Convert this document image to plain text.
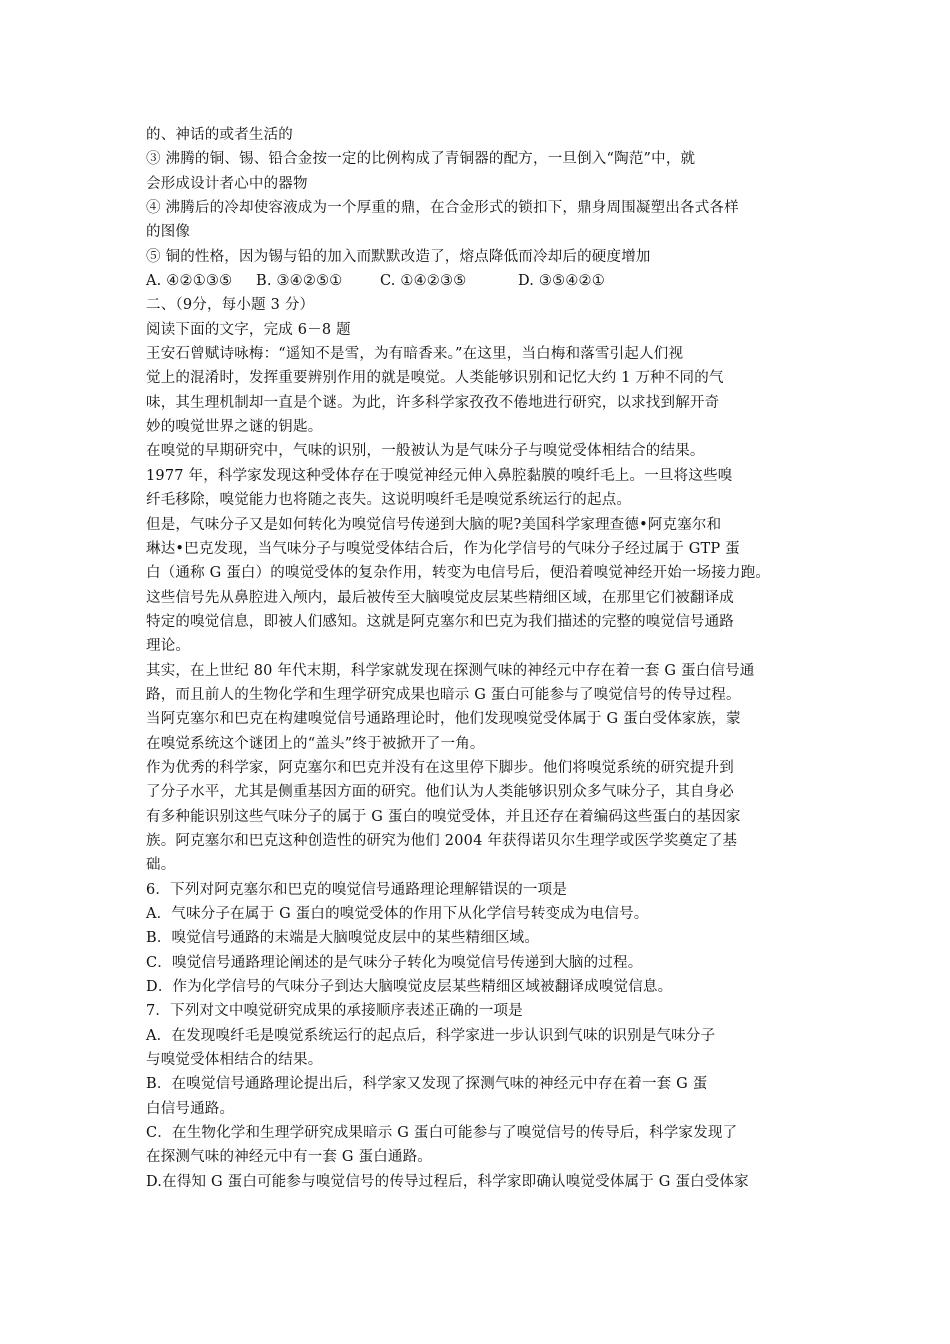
的、神话的或者生活的
③ 沸腾的铜、锡、铅合金按一定的比例构成了青铜器的配方，一旦倒入“陶范”中，就
会形成设计者心中的器物
④ 沸腾后的冷却使容液成为一个厚重的鼎，在合金形式的锁扣下，鼎身周围凝塑出各式各样
的图像
⑤ 铜的性格，因为锡与铅的加入而默默改造了，熔点降低而冷却后的硬度增加
A. ④②①③⑤ B. ③④②⑤①	C. ①④②③⑤	D. ③⑤④②①
二、（9分，每小题 3 分）
阅读下面的文字，完成 6－8 题
王安石曾赋诗咏梅：“遥知不是雪，为有暗香来。”在这里，当白梅和落雪引起人们视
觉上的混淆时，发挥重要辨别作用的就是嗅觉。人类能够识别和记忆大约 1 万种不同的气
味，其生理机制却一直是个谜。为此，许多科学家孜孜不倦地进行研究，以求找到解开奇
妙的嗅觉世界之谜的钥匙。
在嗅觉的早期研究中，气味的识别，一般被认为是气味分子与嗅觉受体相结合的结果。
1977 年，科学家发现这种受体存在于嗅觉神经元伸入鼻腔黏膜的嗅纤毛上。一旦将这些嗅
纤毛移除，嗅觉能力也将随之丧失。这说明嗅纤毛是嗅觉系统运行的起点。
但是，气味分子又是如何转化为嗅觉信号传递到大脑的呢?美国科学家理查德•阿克塞尔和
琳达•巴克发现，当气味分子与嗅觉受体结合后，作为化学信号的气味分子经过属于 GTP 蛋
白（通称 G 蛋白）的嗅觉受体的复杂作用，转变为电信号后，便沿着嗅觉神经开始一场接力跑。
这些信号先从鼻腔进入颅内，最后被传至大脑嗅觉皮层某些精细区域，在那里它们被翻译成
特定的嗅觉信息，即被人们感知。这就是阿克塞尔和巴克为我们描述的完整的嗅觉信号通路
理论。
其实，在上世纪 80 年代末期，科学家就发现在探测气味的神经元中存在着一套 G 蛋白信号通
路，而且前人的生物化学和生理学研究成果也暗示 G 蛋白可能参与了嗅觉信号的传导过程。
当阿克塞尔和巴克在构建嗅觉信号通路理论时，他们发现嗅觉受体属于 G 蛋白受体家族，蒙
在嗅觉系统这个谜团上的“盖头”终于被掀开了一角。
作为优秀的科学家，阿克塞尔和巴克并没有在这里停下脚步。他们将嗅觉系统的研究提升到
了分子水平，尤其是侧重基因方面的研究。他们认为人类能够识别众多气味分子，其自身必
有多种能识别这些气味分子的属于 G 蛋白的嗅觉受体，并且还存在着编码这些蛋白的基因家
族。阿克塞尔和巴克这种创造性的研究为他们 2004 年获得诺贝尔生理学或医学奖奠定了基
础。
6．下列对阿克塞尔和巴克的嗅觉信号通路理论理解错误的一项是
A．气味分子在属于 G 蛋白的嗅觉受体的作用下从化学信号转变成为电信号。
B．嗅觉信号通路的末端是大脑嗅觉皮层中的某些精细区域。
C．嗅觉信号通路理论阐述的是气味分子转化为嗅觉信号传递到大脑的过程。
D．作为化学信号的气味分子到达大脑嗅觉皮层某些精细区域被翻译成嗅觉信息。
7．下列对文中嗅觉研究成果的承接顺序表述正确的一项是
A．在发现嗅纤毛是嗅觉系统运行的起点后，科学家进一步认识到气味的识别是气味分子
与嗅觉受体相结合的结果。
B．在嗅觉信号通路理论提出后，科学家又发现了探测气味的神经元中存在着一套 G 蛋
白信号通路。
C．在生物化学和生理学研究成果暗示 G 蛋白可能参与了嗅觉信号的传导后，科学家发现了
在探测气味的神经元中有一套 G 蛋白通路。
D.在得知 G 蛋白可能参与嗅觉信号的传导过程后，科学家即确认嗅觉受体属于 G 蛋白受体家
